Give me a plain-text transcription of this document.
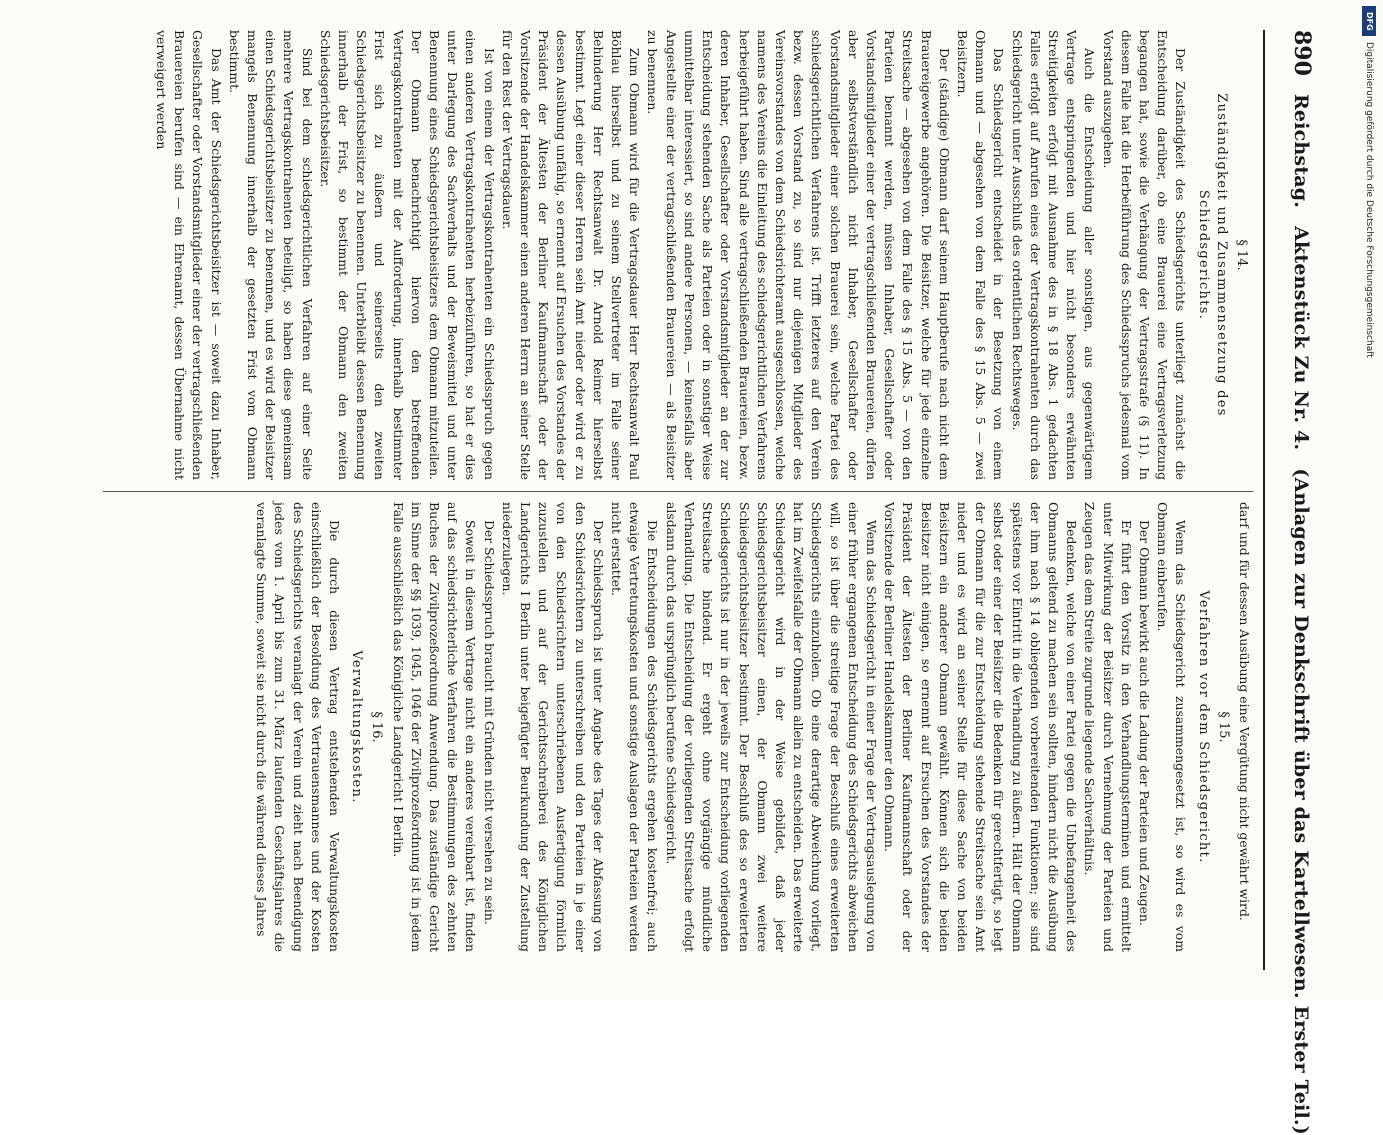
890
Reichstag.
Aktenstück Zu Nr. 4.
(Anlagen zur Denkschrift über das Kartellwesen. Erster Teil.)
§ 14.
Zuständigkeit und Zusammensetzung des Schiedsgerichts.

Der Zuständigkeit des Schiedsgerichts unterliegt zunächst die Entscheidung darüber, ob eine Brauerei eine Vertragsverletzung begangen hat, sowie die Verhängung der Vertragsstrafe (§ 11). In diesem Falle hat die Herbeiführung des Schiedsspruchs jedesmal vom Vorstand auszugehen.

Auch die Entscheidung aller sonstigen, aus gegenwärtigem Vertrage entspringenden und hier nicht besonders erwähnten Streitigkeiten erfolgt mit Ausnahme des in § 18 Abs. 1 gedachten Falles erfolgt auf Anrufen eines der Vertragskontrahenten durch das Schiedsgericht unter Ausschluß des ordentlichen Rechtsweges.

Das Schiedsgericht entscheidet in der Besetzung von einem Obmann und — abgesehen von dem Falle des § 15 Abs. 5 — zwei Beisitzern.

Der (ständige) Obmann darf seinem Hauptberufe nach nicht dem Brauereigewerbe angehören. Die Beisitzer, welche für jede einzelne Streitsache — abgesehen von dem Falle des § 15 Abs. 5 — von den Parteien benannt werden, müssen Inhaber, Gesellschafter oder Vorstandsmitglieder einer der vertragschließenden Brauereien, dürfen aber selbstverständlich nicht Inhaber, Gesellschafter oder Vorstandsmitglieder einer solchen Brauerei sein, welche Partei des schiedsgerichtlichen Verfahrens ist. Trifft letzteres auf den Verein bezw. dessen Vorstand zu, so sind nur diejenigen Mitglieder des Vereinsvorstandes von dem Schiedsrichteramt ausgeschlossen, welche namens des Vereins die Einleitung des schiedsgerichtlichen Verfahrens herbeigeführt haben. Sind alle vertragschließenden Brauereien, bezw. deren Inhaber, Gesellschafter oder Vorstandsmitglieder an der zur Entscheidung stehenden Sache als Parteien oder in sonstiger Weise unmittelbar interessiert, so sind andere Personen, — keinesfalls aber Angestellte einer der vertragschließenden Brauereien — als Beisitzer zu benennen.

Zum Obmann wird für die Vertragsdauer Herr Rechtsanwalt Paul Böhlau hierselbst und zu seinem Stellvertreter im Falle seiner Behinderung Herr Rechtsanwalt Dr. Arnold Reimer hierselbst bestimmt. Legt einer dieser Herren sein Amt nieder oder wird er zu dessen Ausübung unfähig, so ernennt auf Ersuchen des Vorstandes der Präsident der Ältesten der Berliner Kaufmannschaft oder der Vorsitzende der Handelskammer einen anderen Herrn an seiner Stelle für den Rest der Vertragsdauer.

Ist von einem der Vertragskontrahenten ein Schiedsspruch gegen einen anderen Vertragskontrahenten herbeizuführen, so hat er dies unter Darlegung des Sachverhalts und der Beweismittel und unter Benennung eines Schiedsgerichtsbeisitzers dem Obmann mitzuteilen. Der Obmann benachrichtigt hiervon den betreffenden Vertragskontrahenten mit der Aufforderung, innerhalb bestimmter Frist sich zu äußern und seinerseits den zweiten Schiedsgerichtsbeisitzer zu benennen. Unterbleibt dessen Benennung innerhalb der Frist, so bestimmt der Obmann den zweiten Schiedsgerichtsbeisitzer.

Sind bei dem schiedsgerichtlichen Verfahren auf einer Seite mehrere Vertragskontrahenten beteiligt, so haben diese gemeinsam einen Schiedsgerichtsbeisitzer zu benennen, und es wird der Beisitzer mangels Benennung innerhalb der gesetzten Frist vom Obmann bestimmt.

Das Amt der Schiedsgerichtsbeisitzer ist — soweit dazu Inhaber, Gesellschafter oder Vorstandsmitglieder einer der vertragschließenden Brauereien berufen sind — ein Ehrenamt, dessen Übernahme nicht verweigert werden

darf und für dessen Ausübung eine Vergütung nicht gewährt wird.

§ 15.
Verfahren vor dem Schiedsgericht.

Wenn das Schiedsgericht zusammengesetzt ist, so wird es vom Obmann einberufen.

Der Obmann bewirkt auch die Ladung der Parteien und Zeugen.

Er führt den Vorsitz in den Verhandlungsterminen und ermittelt unter Mitwirkung der Beisitzer durch Vernehmung der Parteien und Zeugen das dem Streite zugrunde liegende Sachverhältnis.

Bedenken, welche von einer Partei gegen die Unbefangenheit des Obmanns geltend zu machen sein sollten, hindern nicht die Ausübung der ihm nach § 14 obliegenden vorbereitenden Funktionen; sie sind spätestens vor Eintritt in die Verhandlung zu äußern. Hält der Obmann selbst oder einer der Beisitzer die Bedenken für gerechtfertigt, so legt der Obmann für die zur Entscheidung stehende Streitsache sein Amt nieder und es wird an seiner Stelle für diese Sache von beiden Beisitzern ein anderer Obmann gewählt. Können sich die beiden Beisitzer nicht einigen, so ernennt auf Ersuchen des Vorstandes der Präsident der Ältesten der Berliner Kaufmannschaft oder der Vorsitzende der Berliner Handelskammer den Obmann.

Wenn das Schiedsgericht in einer Frage der Vertragsauslegung von einer früher ergangenen Entscheidung des Schiedsgerichts abweichen will, so ist über die streitige Frage der Beschluß eines erweiterten Schiedsgerichts einzuholen. Ob eine derartige Abweichung vorliegt, hat im Zweifelsfalle der Obmann allein zu entscheiden. Das erweiterte Schiedsgericht wird in der Weise gebildet, daß jeder Schiedsgerichtsbeisitzer einen, der Obmann zwei weitere Schiedsgerichtsbeisitzer bestimmt. Der Beschluß des so erweiterten Schiedsgerichts ist nur in der jeweils zur Entscheidung vorliegenden Streitsache bindend. Er ergeht ohne vorgängige mündliche Verhandlung. Die Entscheidung der vorliegenden Streitsache erfolgt alsdann durch das ursprünglich berufene Schiedsgericht.

Die Entscheidungen des Schiedsgerichts ergehen kostenfrei; auch etwaige Vertretungskosten und sonstige Auslagen der Parteien werden nicht erstattet.

Der Schiedsspruch ist unter Angabe des Tages der Abfassung von den Schiedsrichtern zu unterschreiben und den Parteien in je einer von den Schiedsrichtern unterschriebenen Ausfertigung förmlich zuzustellen und auf der Gerichtsschreiberei des Königlichen Landgerichts I Berlin unter beigefügter Beurkundung der Zustellung niederzulegen.

Der Schiedsspruch braucht mit Gründen nicht versehen zu sein.

Soweit in diesem Vertrage nicht ein anderes vereinbart ist, finden auf das schiedsrichterliche Verfahren die Bestimmungen des zehnten Buches der Zivilprozeßordnung Anwendung. Das zuständige Gericht im Sinne der §§ 1039, 1045, 1046 der Zivilprozeßordnung ist in jedem Falle ausschließlich das Königliche Landgericht I Berlin.

§ 16.
Verwaltungskosten.

Die durch diesen Vertrag entstehenden Verwaltungskosten einschließlich der Besoldung des Vertrauensmannes und der Kosten des Schiedsgerichts veranlagt der Verein und zieht nach Beendigung jedes vom 1. April bis zum 31. März laufenden Geschäftsjahres die veranlagte Summe, soweit sie nicht durch die während dieses Jahres

DFG
Digitalisierung gefördert durch die Deutsche Forschungsgemeinschaft
